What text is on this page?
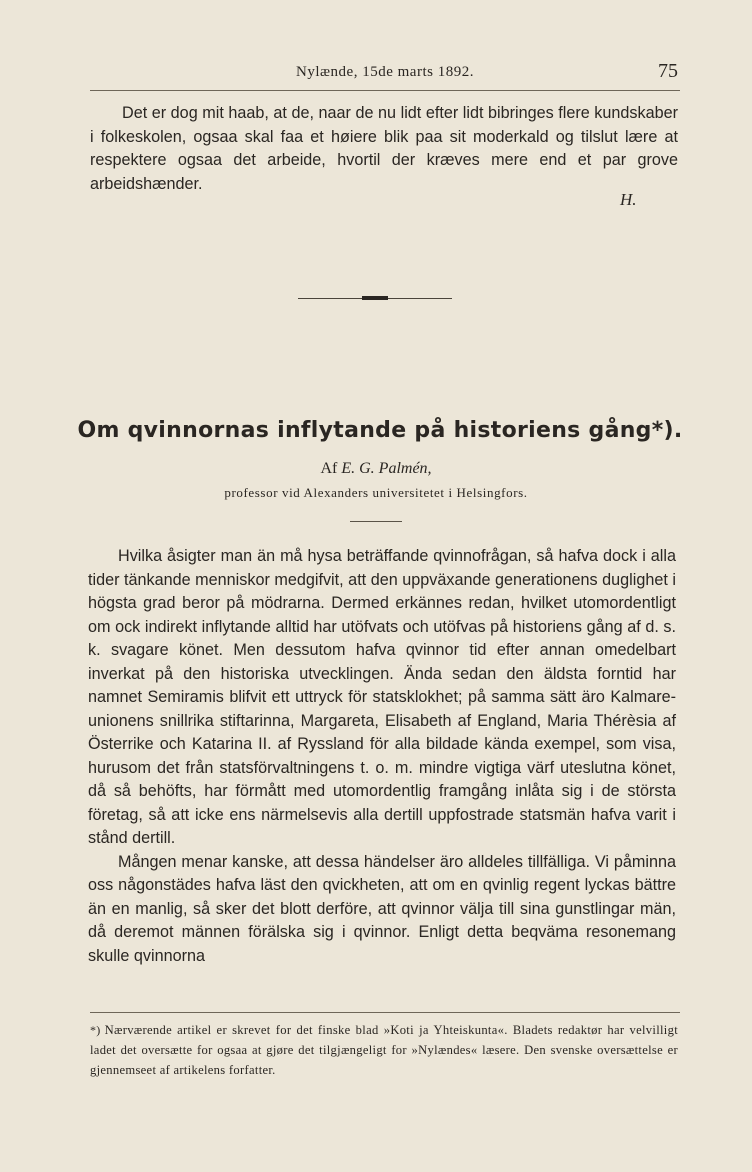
Nylænde, 15de marts 1892.	75

Det er dog mit haab, at de, naar de nu lidt efter lidt bibringes flere kundskaber i folkeskolen, ogsaa skal faa et høiere blik paa sit moderkald og tilslut lære at respektere ogsaa det arbeide, hvortil der kræves mere end et par grove arbeidshænder.

H.
Om qvinnornas inflytande på historiens gång*).
Af E. G. Palmén,
professor vid Alexanders universitetet i Helsingfors.

Hvilka åsigter man än må hysa beträffande qvinnofrågan, så hafva dock i alla tider tänkande menniskor medgifvit, att den uppväxande generationens duglighet i högsta grad beror på mödrarna. Dermed erkännes redan, hvilket utomordentligt om ock indirekt inflytande alltid har utöfvats och utöfvas på historiens gång af d. s. k. svagare könet. Men dessutom hafva qvinnor tid efter annan omedelbart inverkat på den historiska utvecklingen. Ända sedan den äldsta forntid har namnet Semiramis blifvit ett uttryck för statsklokhet; på samma sätt äro Kalmare-unionens snillrika stiftarinna, Margareta, Elisabeth af England, Maria Thérèsia af Österrike och Katarina II. af Ryssland för alla bildade kända exempel, som visa, hurusom det från statsförvaltningens t. o. m. mindre vigtiga värf uteslutna könet, då så behöfts, har förmått med utomordentlig framgång inlåta sig i de största företag, så att icke ens närmelsevis alla dertill uppfostrade statsmän hafva varit i stånd dertill.

Mången menar kanske, att dessa händelser äro alldeles tillfälliga. Vi påminna oss någonstädes hafva läst den qvickheten, att om en qvinlig regent lyckas bättre än en manlig, så sker det blott derföre, att qvinnor välja till sina gunstlingar män, då deremot männen förälska sig i qvinnor. Enligt detta beqväma resonemang skulle qvinnorna

*) Nærværende artikel er skrevet for det finske blad »Koti ja Yhteiskunta«. Bladets redaktør har velvilligt ladet det oversætte for ogsaa at gjøre det tilgjængeligt for »Nylændes« læsere. Den svenske oversættelse er gjennemseet af artikelens forfatter.
